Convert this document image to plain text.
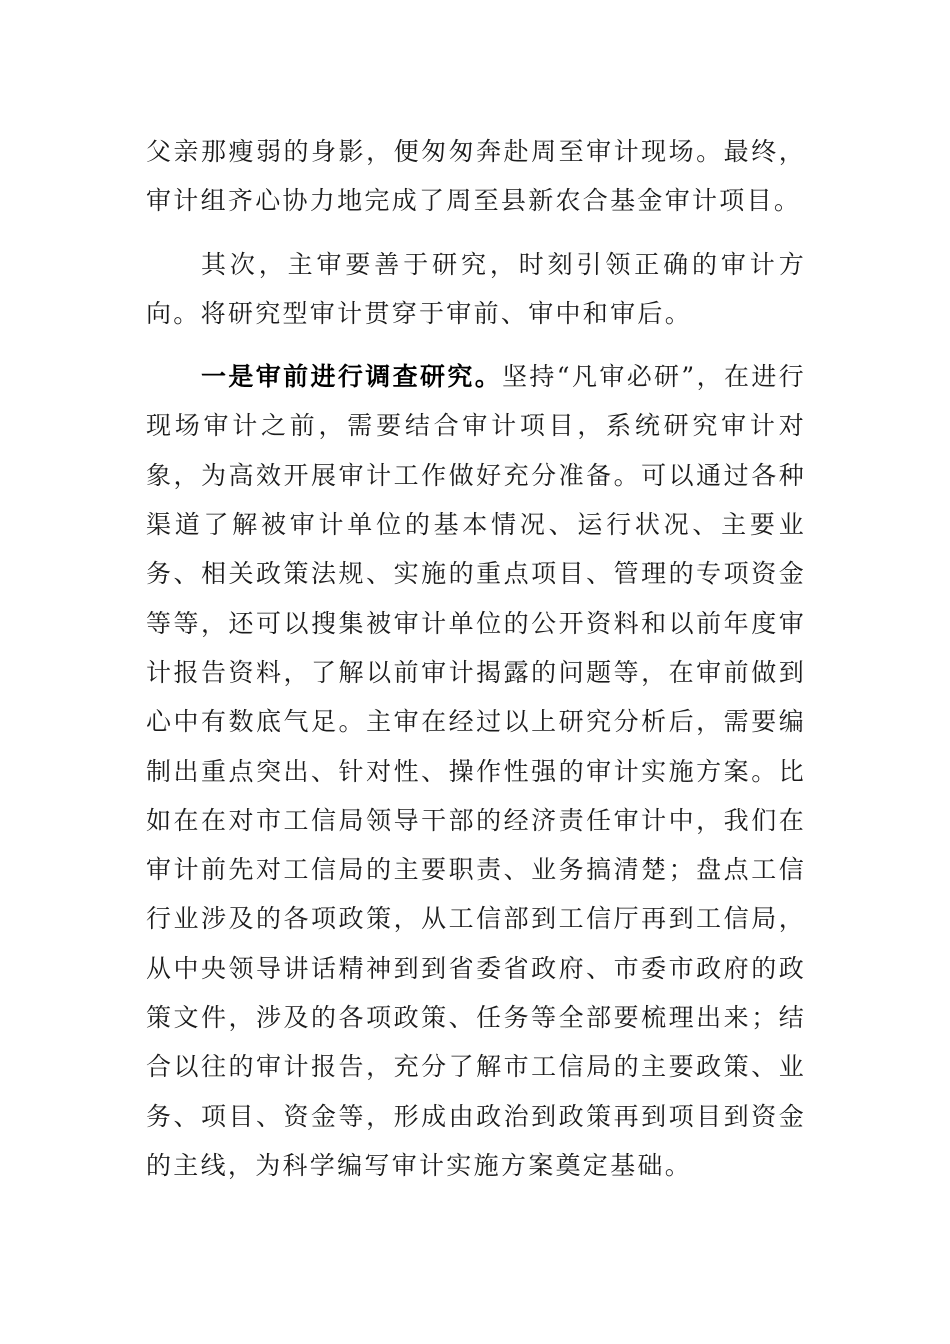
父亲那瘦弱的身影，便匆匆奔赴周至审计现场。最终，审计组齐心协力地完成了周至县新农合基金审计项目。

其次，主审要善于研究，时刻引领正确的审计方向。将研究型审计贯穿于审前、审中和审后。

一是审前进行调查研究。坚持“凡审必研”，在进行现场审计之前，需要结合审计项目，系统研究审计对象，为高效开展审计工作做好充分准备。可以通过各种渠道了解被审计单位的基本情况、运行状况、主要业务、相关政策法规、实施的重点项目、管理的专项资金等等，还可以搜集被审计单位的公开资料和以前年度审计报告资料，了解以前审计揭露的问题等，在审前做到心中有数底气足。主审在经过以上研究分析后，需要编制出重点突出、针对性、操作性强的审计实施方案。比如在在对市工信局领导干部的经济责任审计中，我们在审计前先对工信局的主要职责、业务搞清楚；盘点工信行业涉及的各项政策，从工信部到工信厅再到工信局，从中央领导讲话精神到到省委省政府、市委市政府的政策文件，涉及的各项政策、任务等全部要梳理出来；结合以往的审计报告，充分了解市工信局的主要政策、业务、项目、资金等，形成由政治到政策再到项目到资金的主线，为科学编写审计实施方案奠定基础。
